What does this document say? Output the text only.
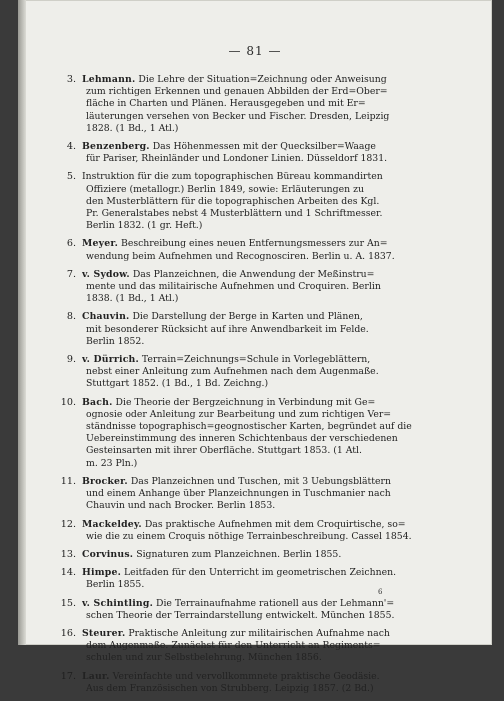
— 81 —
3. Lehmann. Die Lehre der Situation=Zeichnung oder Anweisung
zum richtigen Erkennen und genauen Abbilden der Erd=Ober=
fläche in Charten und Plänen. Herausgegeben und mit Er=
läuterungen versehen von Becker und Fischer. Dresden, Leipzig
1828. (1 Bd., 1 Atl.)
4. Benzenberg. Das Höhenmessen mit der Quecksilber=Waage
für Pariser, Rheinländer und Londoner Linien. Düsseldorf 1831.
5. Instruktion für die zum topographischen Büreau kommandirten
Offiziere (metallogr.) Berlin 1849, sowie: Erläuterungen zu
den Musterblättern für die topographischen Arbeiten des Kgl.
Pr. Generalstabes nebst 4 Musterblättern und 1 Schriftmesser.
Berlin 1832. (1 gr. Heft.)
6. Meyer. Beschreibung eines neuen Entfernungsmessers zur An=
wendung beim Aufnehmen und Recognosciren. Berlin u. A. 1837.
7. v. Sydow. Das Planzeichnen, die Anwendung der Meßinstru=
mente und das militairische Aufnehmen und Croquiren. Berlin
1838. (1 Bd., 1 Atl.)
8. Chauvin. Die Darstellung der Berge in Karten und Plänen,
mit besonderer Rücksicht auf ihre Anwendbarkeit im Felde.
Berlin 1852.
9. v. Dürrich. Terrain=Zeichnungs=Schule in Vorlegeblättern,
nebst einer Anleitung zum Aufnehmen nach dem Augenmaße.
Stuttgart 1852. (1 Bd., 1 Bd. Zeichng.)
10. Bach. Die Theorie der Bergzeichnung in Verbindung mit Ge=
ognosie oder Anleitung zur Bearbeitung und zum richtigen Ver=
ständnisse topographisch=geognostischer Karten, begründet auf die
Uebereinstimmung des inneren Schichtenbaus der verschiedenen
Gesteinsarten mit ihrer Oberfläche. Stuttgart 1853. (1 Atl.
m. 23 Pln.)
11. Brocker. Das Planzeichnen und Tuschen, mit 3 Uebungsblättern
und einem Anhange über Planzeichnungen in Tuschmanier nach
Chauvin und nach Brocker. Berlin 1853.
12. Mackeldey. Das praktische Aufnehmen mit dem Croquirtische, so=
wie die zu einem Croquis nöthige Terrainbeschreibung. Cassel 1854.
13. Corvinus. Signaturen zum Planzeichnen. Berlin 1855.
14. Himpe. Leitfaden für den Unterricht im geometrischen Zeichnen.
Berlin 1855.
15. v. Schintling. Die Terrainaufnahme rationell aus der Lehmann'=
schen Theorie der Terraindarstellung entwickelt. München 1855.
16. Steurer. Praktische Anleitung zur militairischen Aufnahme nach
dem Augenmaße. Zunächst für den Unterricht an Regiments=
schulen und zur Selbstbelehrung. München 1856.
17. Laur. Vereinfachte und vervollkommnete praktische Geodäsie.
Aus dem Französischen von Strubberg. Leipzig 1857. (2 Bd.)
6
